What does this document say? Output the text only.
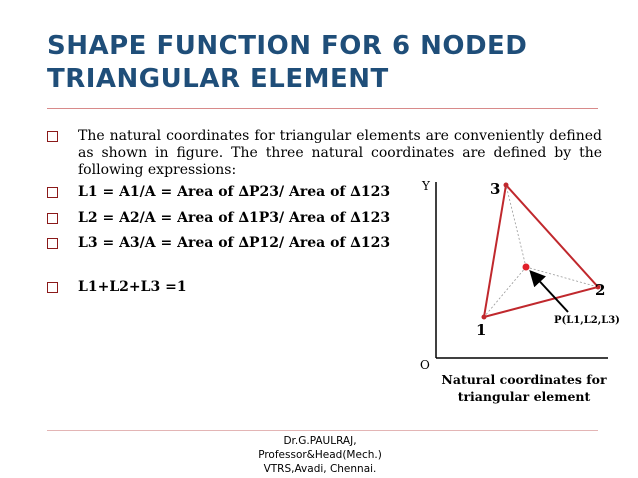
SHAPE FUNCTION FOR 6 NODED TRIANGULAR ELEMENT
The natural coordinates for triangular elements are conveniently defined as shown in figure. The three natural coordinates are defined by the following expressions:
L1 = A1/A = Area of ∆P23/ Area of ∆123
L2 = A2/A = Area of ∆1P3/ Area of ∆123
L3 = A3/A = Area of ∆P12/ Area of ∆123
L1+L2+L3 =1
Y
O
1
2
3
P(L1,L2,L3)
Natural coordinates for triangular element
Dr.G.PAULRAJ,
Professor&Head(Mech.)
VTRS,Avadi, Chennai.
